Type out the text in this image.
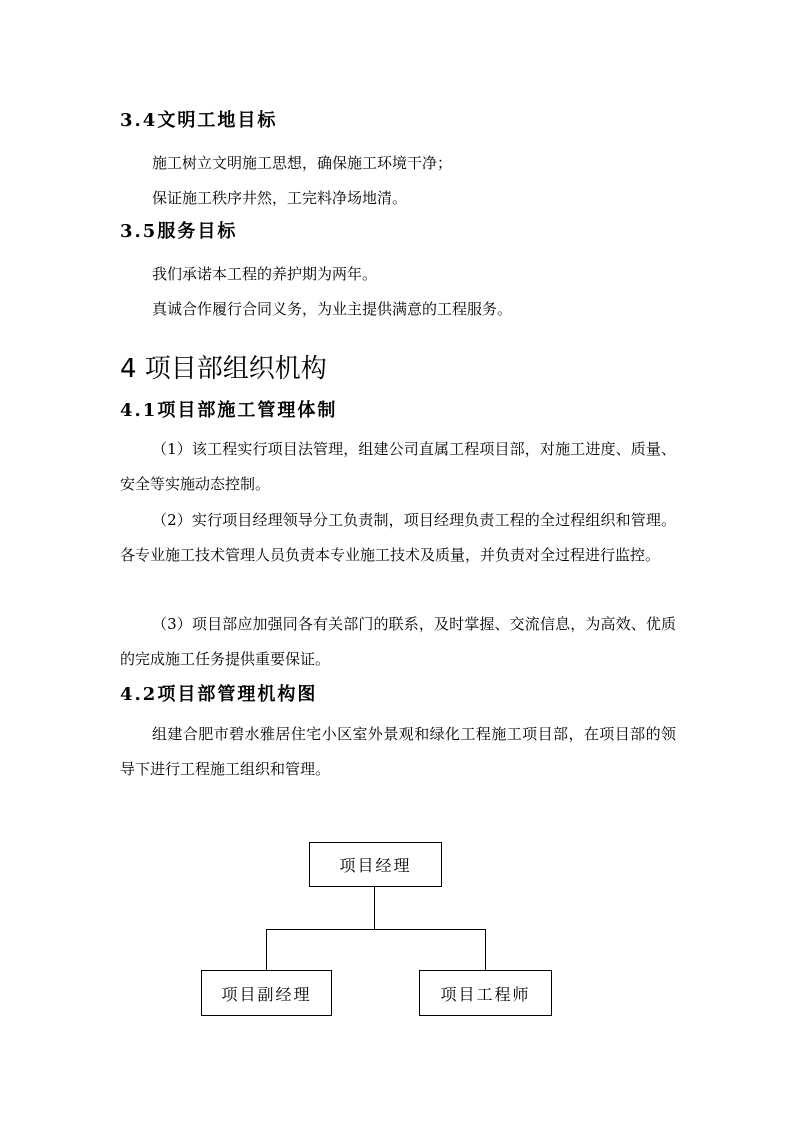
3.4文明工地目标
施工树立文明施工思想，确保施工环境干净；
保证施工秩序井然，工完料净场地清。
3.5服务目标
我们承诺本工程的养护期为两年。
真诚合作履行合同义务，为业主提供满意的工程服务。
4 项目部组织机构
4.1项目部施工管理体制
（1）该工程实行项目法管理，组建公司直属工程项目部，对施工进度、质量、安全等实施动态控制。
（2）实行项目经理领导分工负责制，项目经理负责工程的全过程组织和管理。各专业施工技术管理人员负责本专业施工技术及质量，并负责对全过程进行监控。
（3）项目部应加强同各有关部门的联系，及时掌握、交流信息，为高效、优质的完成施工任务提供重要保证。
4.2项目部管理机构图
组建合肥市碧水雅居住宅小区室外景观和绿化工程施工项目部，在项目部的领导下进行工程施工组织和管理。
项目经理
项目副经理	项目工程师
